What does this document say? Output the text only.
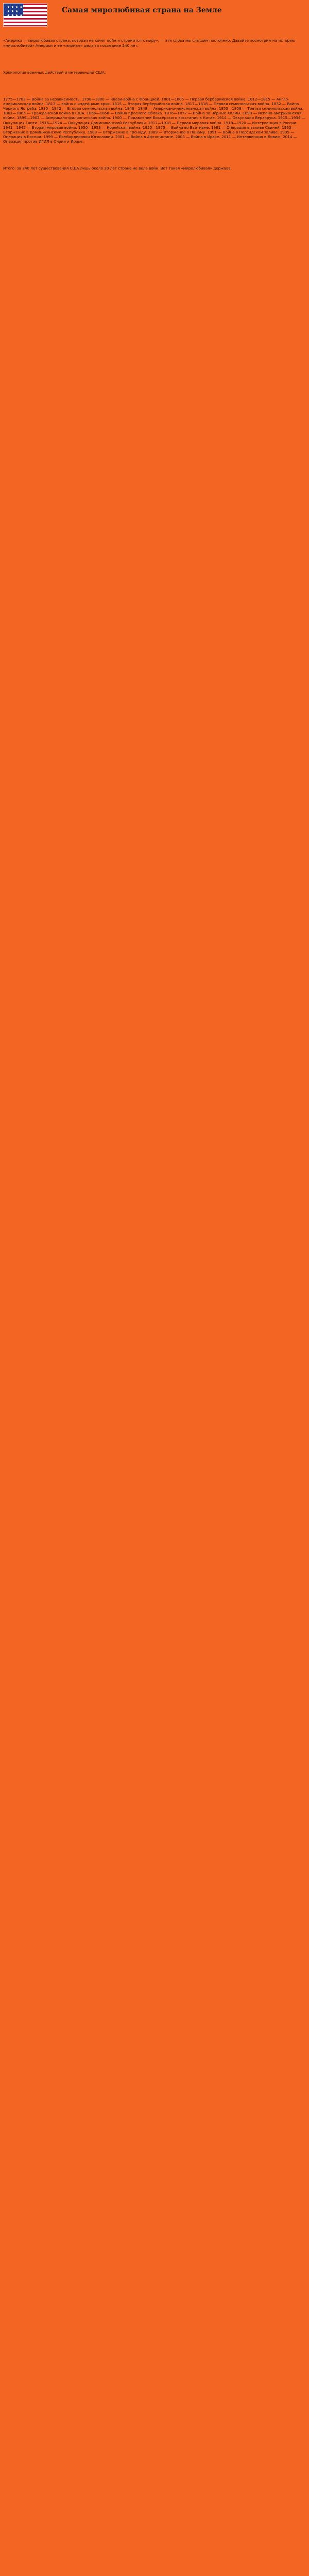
★★★★
★★★
★★★★
Самая миролюбивая страна на Земле

«Америка — миролюбивая страна, которая не хочет войн и стремится к миру», — эти слова мы слышим постоянно. Давайте посмотрим на историю «миролюбивой» Америки и её «мирные» дела за последние 240 лет.

Хронология военных действий и интервенций США:

1775—1783 — Война за независимость. 1798—1800 — Квази-война с Францией. 1801—1805 — Первая берберийская война. 1812—1815 — Англо-американская война. 1813 — война с индейцами крик. 1815 — Вторая берберийская война. 1817—1818 — Первая семинольская война. 1832 — Война Чёрного Ястреба. 1835—1842 — Вторая семинольская война. 1846—1848 — Американо-мексиканская война. 1855—1858 — Третья семинольская война. 1861—1865 — Гражданская война в США. 1866—1868 — Война Красного Облака. 1876—1877 — Война за Чёрные Холмы. 1898 — Испано-американская война. 1899—1902 — Американо-филиппинская война. 1900 — Подавление Боксёрского восстания в Китае. 1914 — Оккупация Веракруса. 1915—1934 — Оккупация Гаити. 1916—1924 — Оккупация Доминиканской Республики. 1917—1918 — Первая мировая война. 1918—1920 — Интервенция в России. 1941—1945 — Вторая мировая война. 1950—1953 — Корейская война. 1955—1975 — Война во Вьетнаме. 1961 — Операция в заливе Свиней. 1965 — Вторжение в Доминиканскую Республику. 1983 — Вторжение в Гренаду. 1989 — Вторжение в Панаму. 1991 — Война в Персидском заливе. 1995 — Операция в Боснии. 1999 — Бомбардировки Югославии. 2001 — Война в Афганистане. 2003 — Война в Ираке. 2011 — Интервенция в Ливию. 2014 — Операция против ИГИЛ в Сирии и Ираке.

Итого: за 240 лет существования США лишь около 20 лет страна не вела войн. Вот такая «миролюбивая» держава.
